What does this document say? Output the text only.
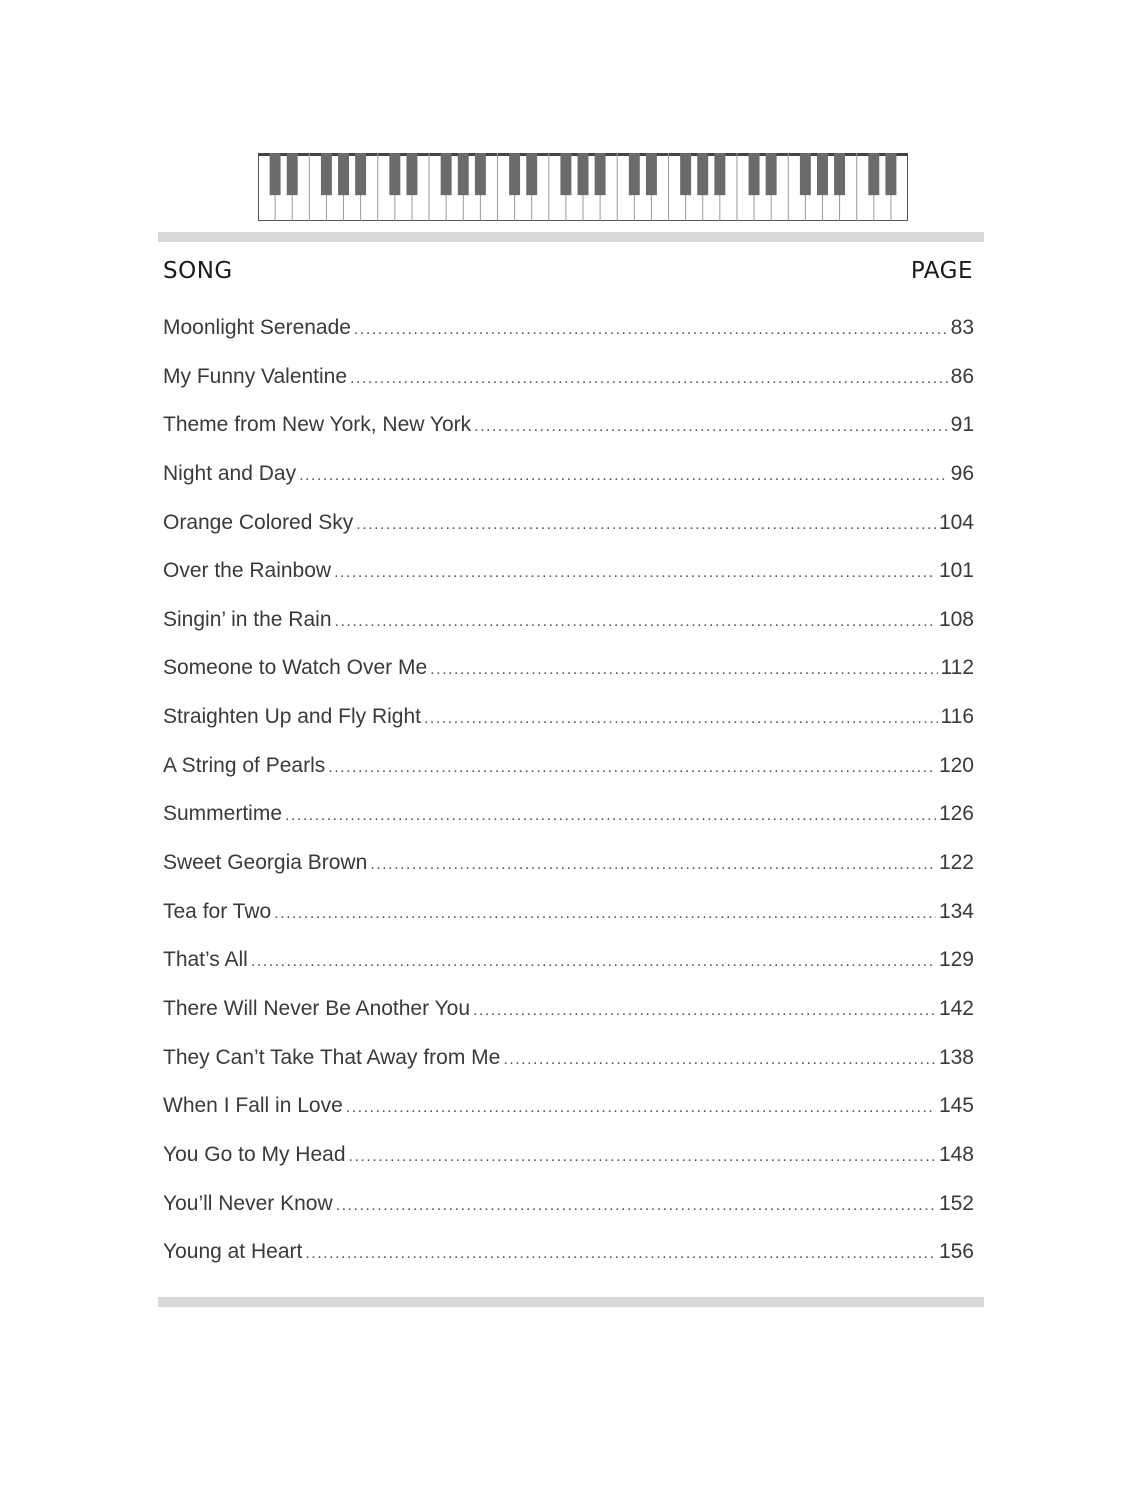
SONG	PAGE
Moonlight Serenade .....	83
My Funny Valentine .....	86
Theme from New York, New York .....	91
Night and Day .....	96
Orange Colored Sky .....	104
Over the Rainbow .....	101
Singin’ in the Rain .....	108
Someone to Watch Over Me .....	112
Straighten Up and Fly Right .....	116
A String of Pearls .....	120
Summertime .....	126
Sweet Georgia Brown .....	122
Tea for Two .....	134
That’s All .....	129
There Will Never Be Another You .....	142
They Can’t Take That Away from Me .....	138
When I Fall in Love .....	145
You Go to My Head .....	148
You’ll Never Know .....	152
Young at Heart .....	156
